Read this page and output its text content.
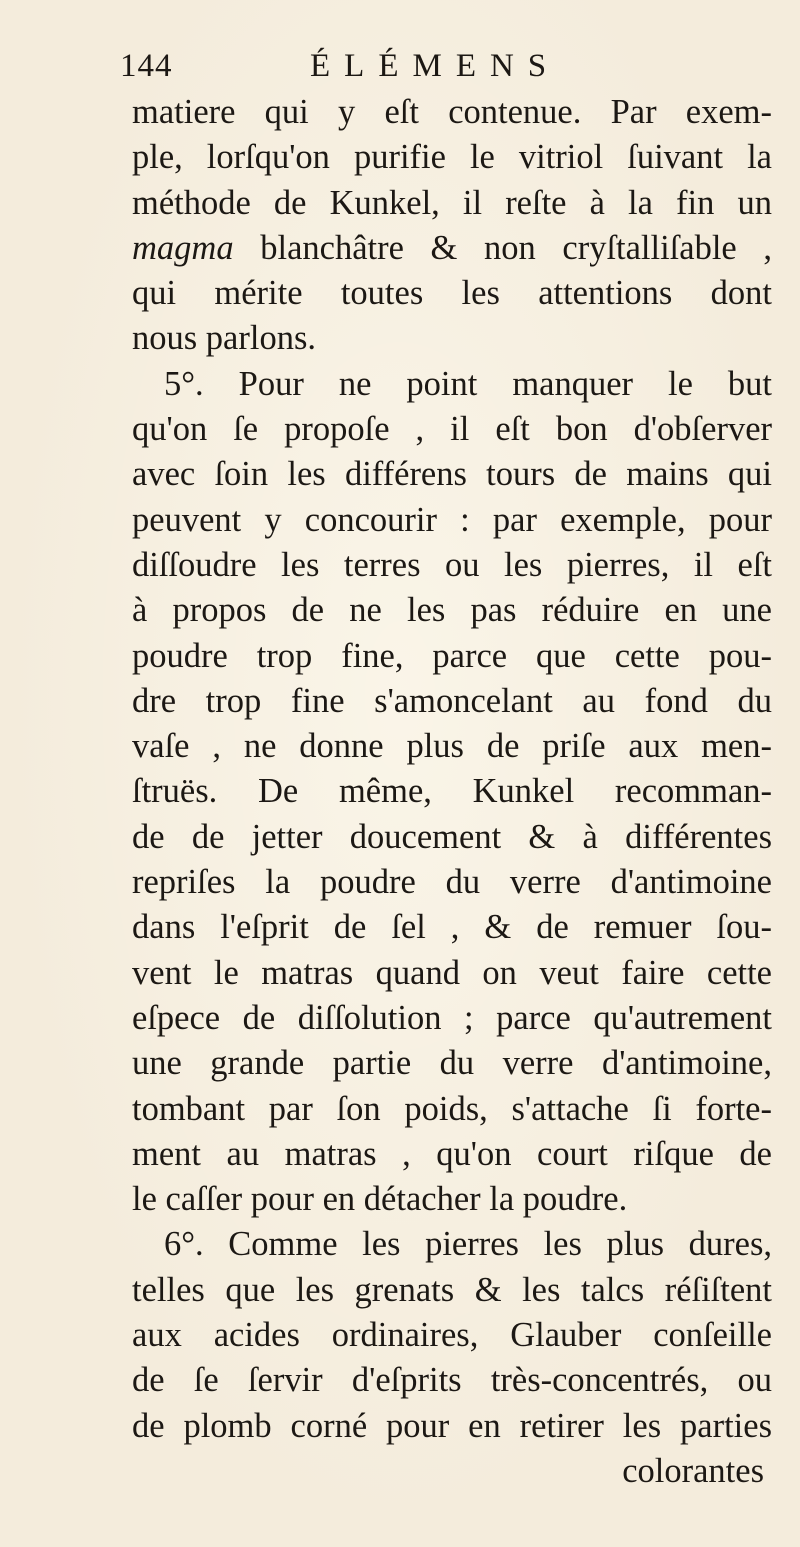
144	ÉLÉMENS
matiere qui y eſt contenue. Par exem-
ple, lorſqu'on purifie le vitriol ſuivant la
méthode de Kunkel, il reſte à la fin un
magma blanchâtre & non cryſtalliſable ,
qui mérite toutes les attentions dont
nous parlons.
5°. Pour ne point manquer le but
qu'on ſe propoſe , il eſt bon d'obſerver
avec ſoin les différens tours de mains qui
peuvent y concourir : par exemple, pour
diſſoudre les terres ou les pierres, il eſt
à propos de ne les pas réduire en une
poudre trop fine, parce que cette pou-
dre trop fine s'amoncelant au fond du
vaſe , ne donne plus de priſe aux men-
ſtruës. De même, Kunkel recomman-
de de jetter doucement & à différentes
repriſes la poudre du verre d'antimoine
dans l'eſprit de ſel , & de remuer ſou-
vent le matras quand on veut faire cette
eſpece de diſſolution ; parce qu'autrement
une grande partie du verre d'antimoine,
tombant par ſon poids, s'attache ſi forte-
ment au matras , qu'on court riſque de
le caſſer pour en détacher la poudre.
6°. Comme les pierres les plus dures,
telles que les grenats & les talcs réſiſtent
aux acides ordinaires, Glauber conſeille
de ſe ſervir d'eſprits très-concentrés, ou
de plomb corné pour en retirer les parties
colorantes
